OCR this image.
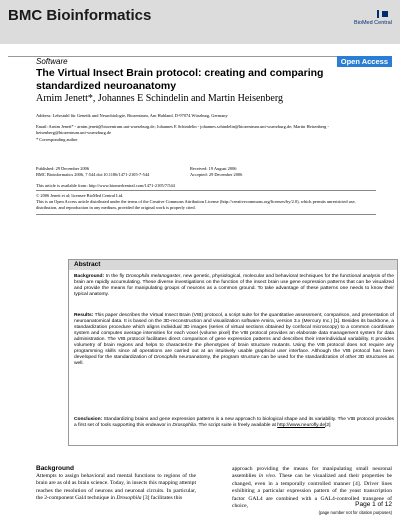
BMC Bioinformatics	BioMed Central
Software	Open Access
The Virtual Insect Brain protocol: creating and comparing standardized neuroanatomy
Arnim Jenett*, Johannes E Schindelin and Martin Heisenberg
Address: Lehrstuhl für Genetik und Neurobiologie, Biozentrum, Am Hubland, D-97074 Würzburg, Germany
Email: Arnim Jenett* - arnim.jenett@biozentrum.uni-wuerzburg.de; Johannes E Schindelin - johannes.schindelin@biozentrum.uni-wuerzburg.de; Martin Heisenberg - heisenberg@biozentrum.uni-wuerzburg.de
* Corresponding author
Published: 29 December 2006
BMC Bioinformatics 2006, 7:544 doi:10.1186/1471-2105-7-544
Received: 19 August 2006
Accepted: 29 December 2006
This article is available from: http://www.biomedcentral.com/1471-2105/7/544
© 2006 Jenett et al; licensee BioMed Central Ltd.
This is an Open Access article distributed under the terms of the Creative Commons Attribution License (http://creativecommons.org/licenses/by/2.0), which permits unrestricted use, distribution, and reproduction in any medium, provided the original work is properly cited.
Abstract
Background: In the fly Drosophila melanogaster, new genetic, physiological, molecular and behavioral techniques for the functional analysis of the brain are rapidly accumulating. These diverse investigations on the function of the insect brain use gene expression patterns that can be visualized and provide the means for manipulating groups of neurons as a common ground. To take advantage of these patterns one needs to know their typical anatomy.
Results: This paper describes the Virtual Insect Brain (VIB) protocol, a script suite for the quantitative assessment, comparison, and presentation of neuroanatomical data. It is based on the 3D-reconstruction and visualization software Amira, version 3.x (Mercury Inc.) [1]. Besides its backbone, a standardization procedure which aligns individual 3D images (series of virtual sections obtained by confocal microscopy) to a common coordinate system and computes average intensities for each voxel (volume pixel) the VIB protocol provides an elaborate data management system for data administration. The VIB protocol facilitates direct comparison of gene expression patterns and describes their interindividual variability. It provides volumetry of brain regions and helps to characterize the phenotypes of brain structure mutants. Using the VIB protocol does not require any programming skills since all operations are carried out at an intuitively usable graphical user interface. Although the VIB protocol has been developed for the standardization of Drosophila neuroanatomy, the program structure can be used for the standardization of other 3D structures as well.
Conclusion: Standardizing brains and gene expression patterns is a new approach to biological shape and its variability. The VIB protocol provides a first set of tools supporting this endeavor in Drosophila. The script suite is freely available at http://www.neurofly.de[2]
Background
Attempts to assign behavioral and mental functions to regions of the brain are as old as brain science. Today, in insects this mapping attempt reaches the resolution of neurons and neuronal circuits. In particular, the 2-component Gal4 technique in Drosophila [3] facilitates this
approach providing the means for manipulating small neuronal assemblies in vivo. These can be visualized and their properties be changed, even in a temporally controlled manner [4]. Driver lines exhibiting a particular expression pattern of the yeast transcription factor GAL4 are combined with a GAL4-controlled transgene of choice,	Page 1 of 12
(page number not for citation purposes)
